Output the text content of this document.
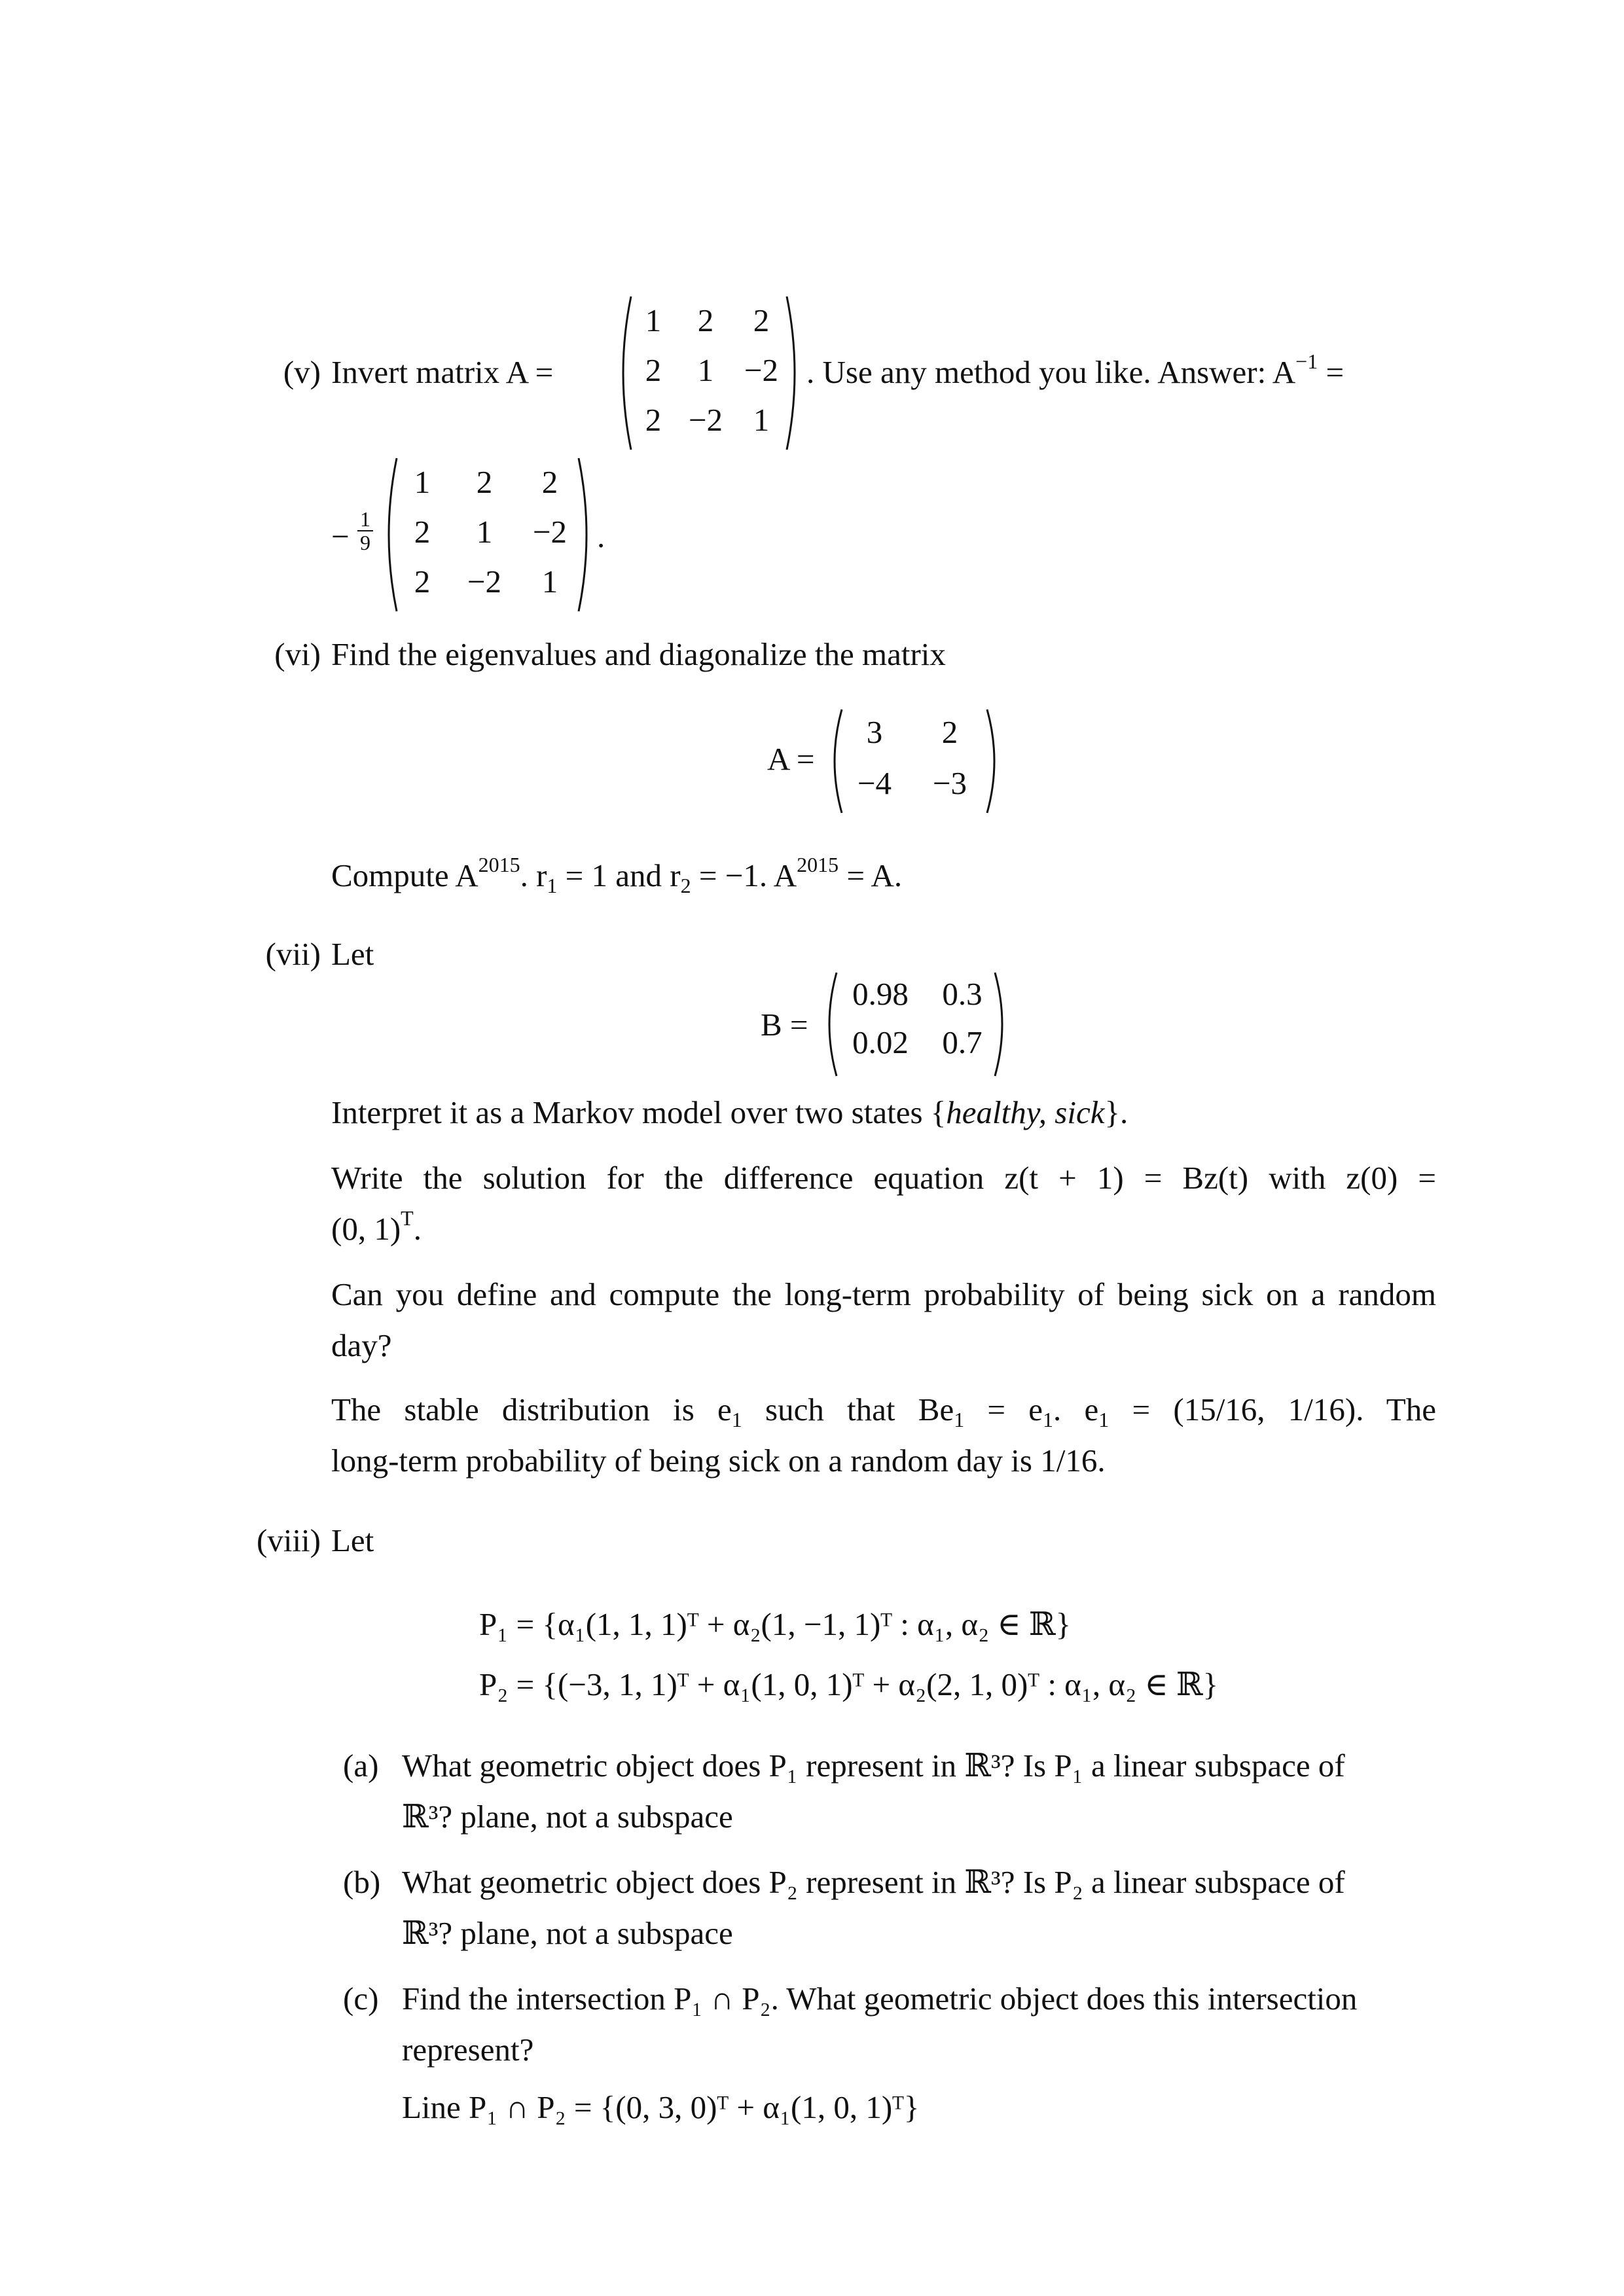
(v) Invert matrix A =
1	2	2
2	1 −2
2 −2 1
. Use any method you like. Answer: $A^{-1}$ =
− $\frac{1}{9}$
1	2	2
2	1	−2
2	−2	1
.
(vi) Find the eigenvalues and diagonalize the matrix
A =
3	2
−4	−3
Compute $A^{2015}$. $r_1 = 1$ and $r_2 = -1$. $A^{2015} = A$.
(vii) Let
B =
0.98	0.3
0.02	0.7
Interpret it as a Markov model over two states {healthy, sick}.
Write the solution for the difference equation z(t + 1) = Bz(t) with z(0) =
(0, 1)$^T$.
Can you define and compute the long-term probability of being sick on a random
day?
The stable distribution is $e_1$ such that $Be_1 = e_1$. $e_1 = (15/16$, 1/16). The
long-term probability of being sick on a random day is 1/16.
(viii) Let
P₁ = {α₁(1, 1, 1)ᵀ + α₂(1, −1, 1)ᵀ : α₁, α₂ ∈ ℝ}
P₂ = {(−3, 1, 1)ᵀ + α₁(1, 0, 1)ᵀ + α₂(2, 1, 0)ᵀ : α₁, α₂ ∈ ℝ}
(a) What geometric object does P₁ represent in ℝ³? Is P₁ a linear subspace of
ℝ³? plane, not a subspace
(b) What geometric object does P₂ represent in ℝ³? Is P₂ a linear subspace of
ℝ³? plane, not a subspace
(c) Find the intersection P₁ ∩ P₂. What geometric object does this intersection
represent?
Line P₁ ∩ P₂ = {(0, 3, 0)ᵀ + α₁(1, 0, 1)ᵀ}
